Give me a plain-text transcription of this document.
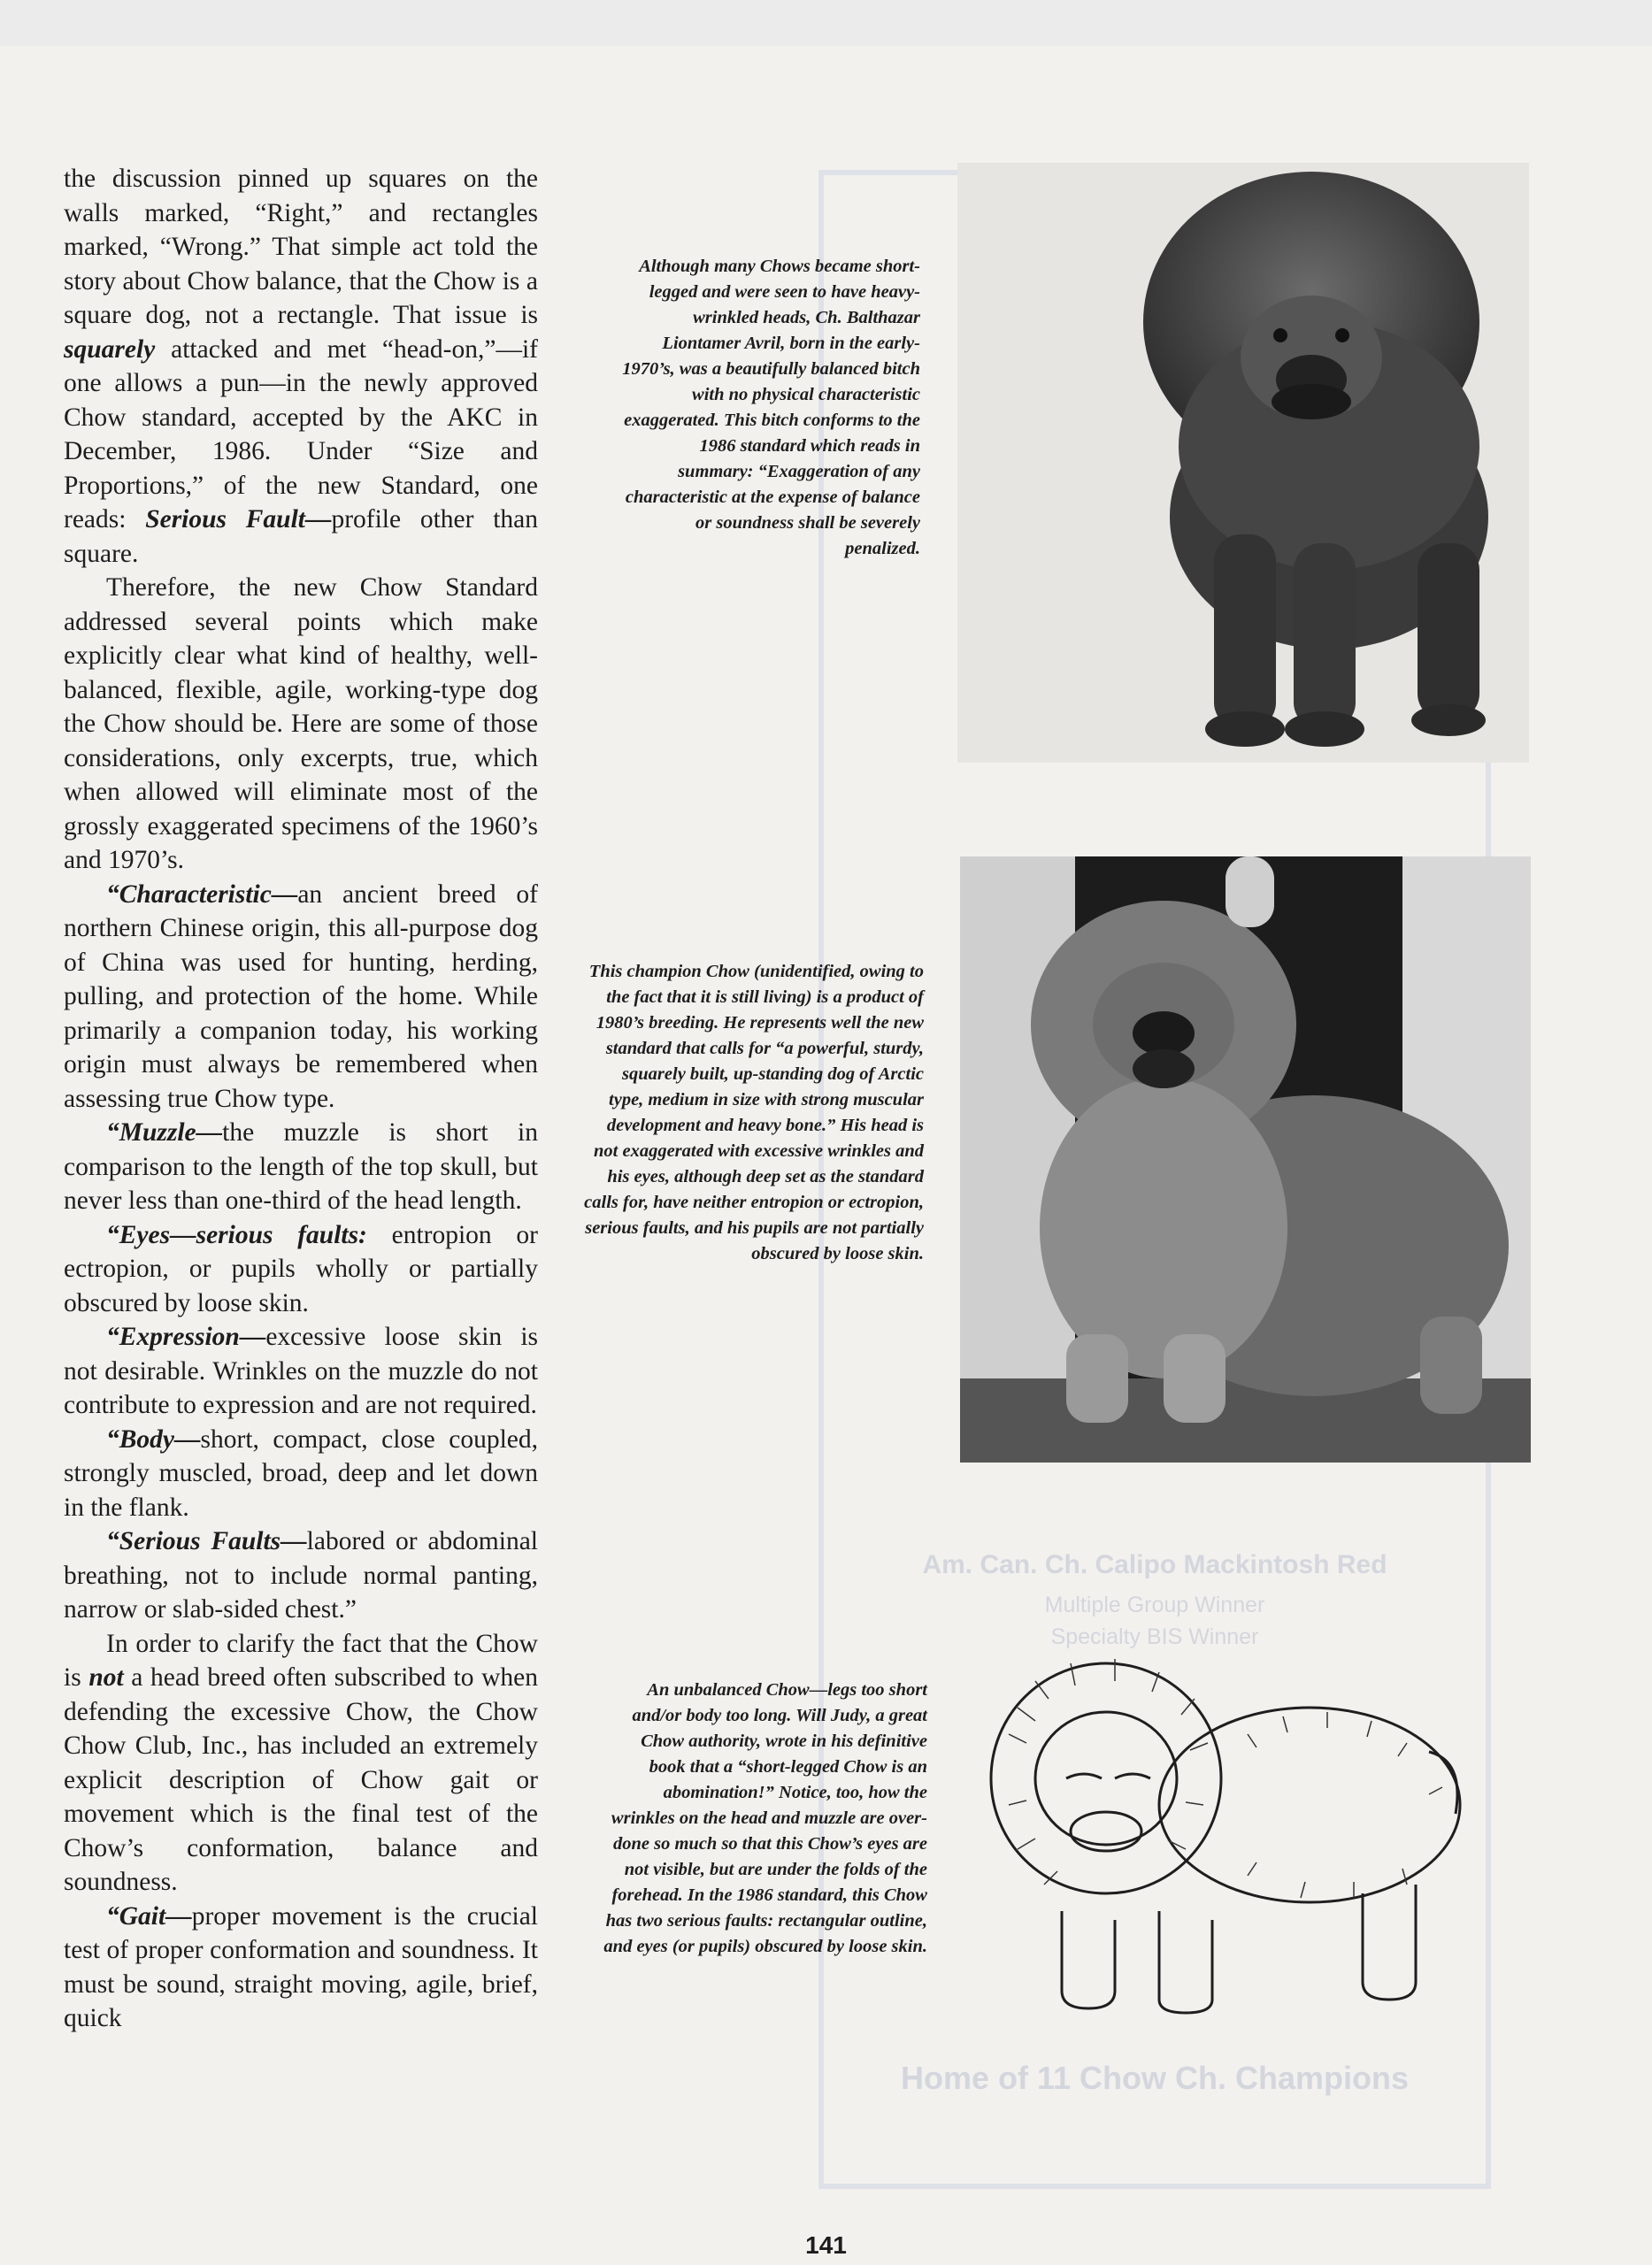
Am. Can. Ch. Calipo Mackintosh Red
Multiple Group Winner
Specialty BIS Winner
Home of 11 Chow Ch. Champions

the discussion pinned up squares on the walls marked, “Right,” and rectangles marked, “Wrong.” That simple act told the story about Chow balance, that the Chow is a square dog, not a rectangle. That issue is squarely attacked and met “head-on,”—if one allows a pun—in the newly approved Chow standard, accepted by the AKC in December, 1986. Under “Size and Proportions,” of the new Standard, one reads: Serious Fault—profile other than square.

Therefore, the new Chow Standard addressed several points which make explicitly clear what kind of healthy, well-balanced, flexible, agile, working-type dog the Chow should be. Here are some of those considerations, only excerpts, true, which when allowed will eliminate most of the grossly exaggerated specimens of the 1960’s and 1970’s.

“Characteristic—an ancient breed of northern Chinese origin, this all-purpose dog of China was used for hunting, herding, pulling, and protection of the home. While primarily a companion today, his working origin must always be remembered when assessing true Chow type.

“Muzzle—the muzzle is short in comparison to the length of the top skull, but never less than one-third of the head length.

“Eyes—serious faults: entropion or ectropion, or pupils wholly or partially obscured by loose skin.

“Expression—excessive loose skin is not desirable. Wrinkles on the muzzle do not contribute to expression and are not required.

“Body—short, compact, close coupled, strongly muscled, broad, deep and let down in the flank.

“Serious Faults—labored or abdominal breathing, not to include normal panting, narrow or slab-sided chest.”

In order to clarify the fact that the Chow is not a head breed often subscribed to when defending the excessive Chow, the Chow Chow Club, Inc., has included an extremely explicit description of Chow gait or movement which is the final test of the Chow’s conformation, balance and soundness.

“Gait—proper movement is the crucial test of proper conformation and soundness. It must be sound, straight moving, agile, brief, quick

Although many Chows became short-legged and were seen to have heavy-wrinkled heads, Ch. Balthazar Liontamer Avril, born in the early-1970’s, was a beautifully balanced bitch with no physical characteristic exaggerated. This bitch conforms to the 1986 standard which reads in summary: “Exaggeration of any characteristic at the expense of balance or soundness shall be severely penalized.
This champion Chow (unidentified, owing to the fact that it is still living) is a product of 1980’s breeding. He represents well the new standard that calls for “a powerful, sturdy, squarely built, up-standing dog of Arctic type, medium in size with strong muscular development and heavy bone.” His head is not exaggerated with excessive wrinkles and his eyes, although deep set as the standard calls for, have neither entropion or ectropion, serious faults, and his pupils are not partially obscured by loose skin.
An unbalanced Chow—legs too short and/or body too long. Will Judy, a great Chow authority, wrote in his definitive book that a “short-legged Chow is an abomination!” Notice, too, how the wrinkles on the head and muzzle are over-done so much so that this Chow’s eyes are not visible, but are under the folds of the forehead. In the 1986 standard, this Chow has two serious faults: rectangular outline, and eyes (or pupils) obscured by loose skin.
141
